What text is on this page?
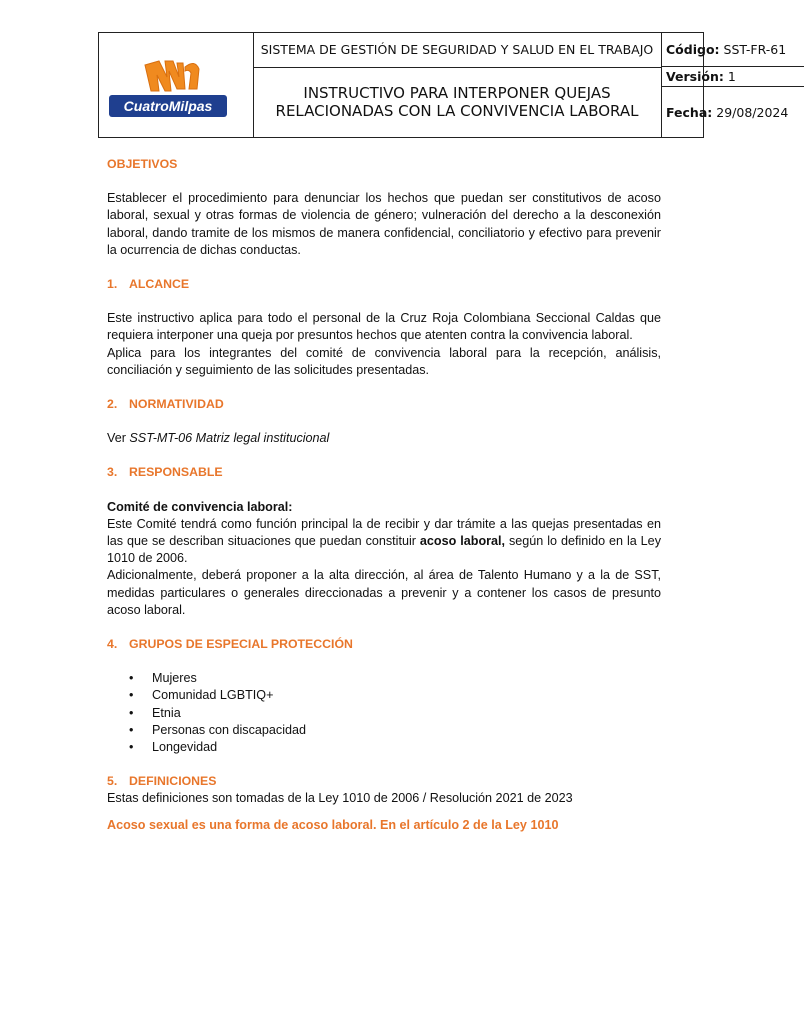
CuatroMilpas
SISTEMA DE GESTIÓN DE SEGURIDAD Y SALUD EN EL TRABAJO
INSTRUCTIVO PARA INTERPONER QUEJAS RELACIONADAS CON LA CONVIVENCIA LABORAL
Código: SST-FR-61
Versión: 1
Fecha: 29/08/2024

OBJETIVOS

Establecer el procedimiento para denunciar los hechos que puedan ser constitutivos de acoso laboral, sexual y otras formas de violencia de género; vulneración del derecho a la desconexión laboral, dando tramite de los mismos de manera confidencial, conciliatorio y efectivo para prevenir la ocurrencia de dichas conductas.

1. ALCANCE

Este instructivo aplica para todo el personal de la Cruz Roja Colombiana Seccional Caldas que requiera interponer una queja por presuntos hechos que atenten contra la convivencia laboral.

Aplica para los integrantes del comité de convivencia laboral para la recepción, análisis, conciliación y seguimiento de las solicitudes presentadas.

2. NORMATIVIDAD

Ver SST-MT-06 Matriz legal institucional

3. RESPONSABLE

Comité de convivencia laboral:

Este Comité tendrá como función principal la de recibir y dar trámite a las quejas presentadas en las que se describan situaciones que puedan constituir acoso laboral, según lo definido en la Ley 1010 de 2006.

Adicionalmente, deberá proponer a la alta dirección, al área de Talento Humano y a la de SST, medidas particulares o generales direccionadas a prevenir y a contener los casos de presunto acoso laboral.

4. GRUPOS DE ESPECIAL PROTECCIÓN

• Mujeres
• Comunidad LGBTIQ+
• Etnia
• Personas con discapacidad
• Longevidad

5. DEFINICIONES

Estas definiciones son tomadas de la Ley 1010 de 2006 / Resolución 2021 de 2023

Acoso sexual es una forma de acoso laboral. En el artículo 2 de la Ley 1010
